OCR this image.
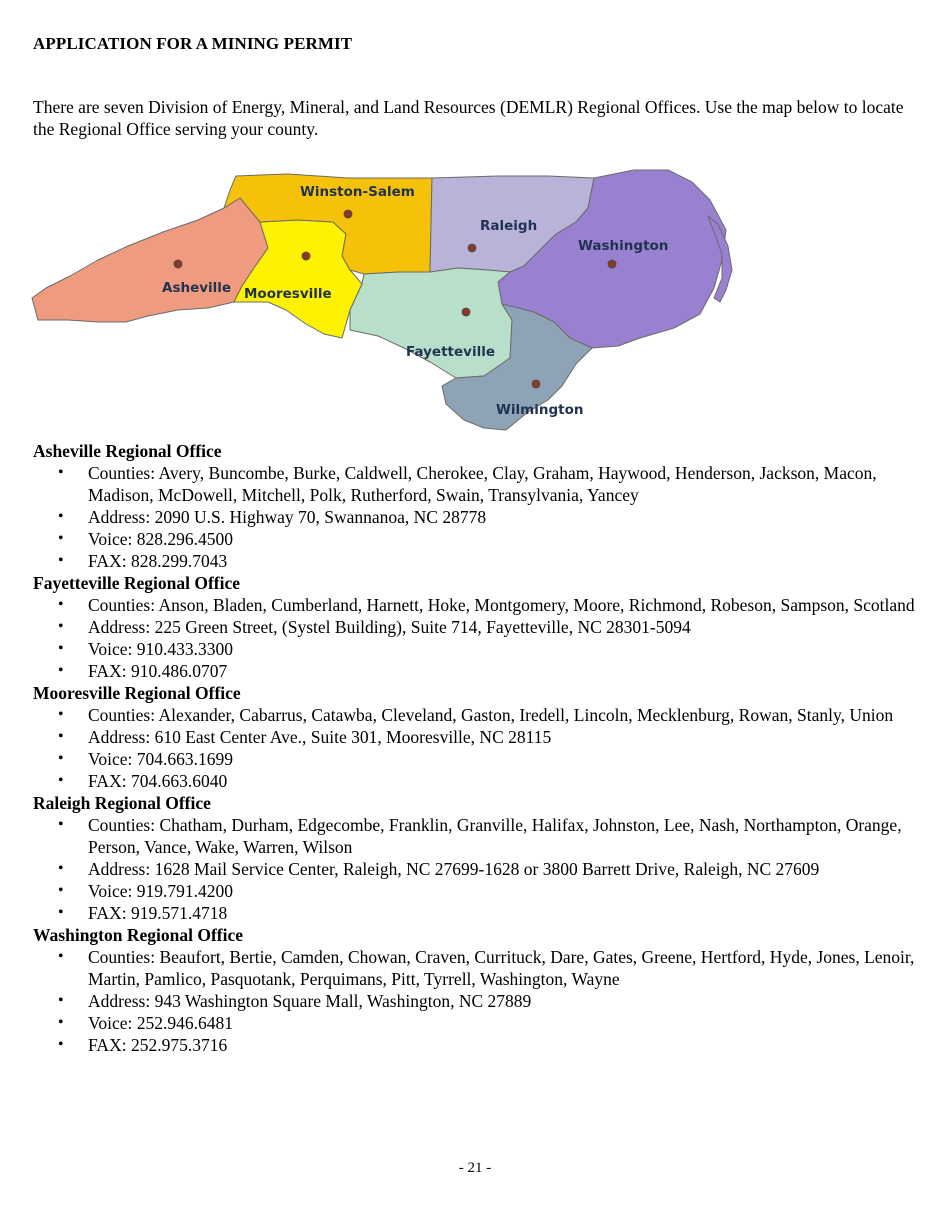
APPLICATION FOR A MINING PERMIT
There are seven Division of Energy, Mineral, and Land Resources (DEMLR) Regional Offices. Use the map below to locate the Regional Office serving your county.
Winston-Salem
Raleigh
Washington
Asheville Mooresville
Fayetteville
Wilmington
Asheville Regional Office
• Counties: Avery, Buncombe, Burke, Caldwell, Cherokee, Clay, Graham, Haywood, Henderson, Jackson, Macon, Madison, McDowell, Mitchell, Polk, Rutherford, Swain, Transylvania, Yancey
• Address: 2090 U.S. Highway 70, Swannanoa, NC 28778
• Voice: 828.296.4500
• FAX: 828.299.7043
Fayetteville Regional Office
• Counties: Anson, Bladen, Cumberland, Harnett, Hoke, Montgomery, Moore, Richmond, Robeson, Sampson, Scotland
• Address: 225 Green Street, (Systel Building), Suite 714, Fayetteville, NC 28301-5094
• Voice: 910.433.3300
• FAX: 910.486.0707
Mooresville Regional Office
• Counties: Alexander, Cabarrus, Catawba, Cleveland, Gaston, Iredell, Lincoln, Mecklenburg, Rowan, Stanly, Union
• Address: 610 East Center Ave., Suite 301, Mooresville, NC 28115
• Voice: 704.663.1699
• FAX: 704.663.6040
Raleigh Regional Office
• Counties: Chatham, Durham, Edgecombe, Franklin, Granville, Halifax, Johnston, Lee, Nash, Northampton, Orange, Person, Vance, Wake, Warren, Wilson
• Address: 1628 Mail Service Center, Raleigh, NC 27699-1628 or 3800 Barrett Drive, Raleigh, NC 27609
• Voice: 919.791.4200
• FAX: 919.571.4718
Washington Regional Office
• Counties: Beaufort, Bertie, Camden, Chowan, Craven, Currituck, Dare, Gates, Greene, Hertford, Hyde, Jones, Lenoir, Martin, Pamlico, Pasquotank, Perquimans, Pitt, Tyrrell, Washington, Wayne
• Address: 943 Washington Square Mall, Washington, NC 27889
• Voice: 252.946.6481
• FAX: 252.975.3716
- 21 -
